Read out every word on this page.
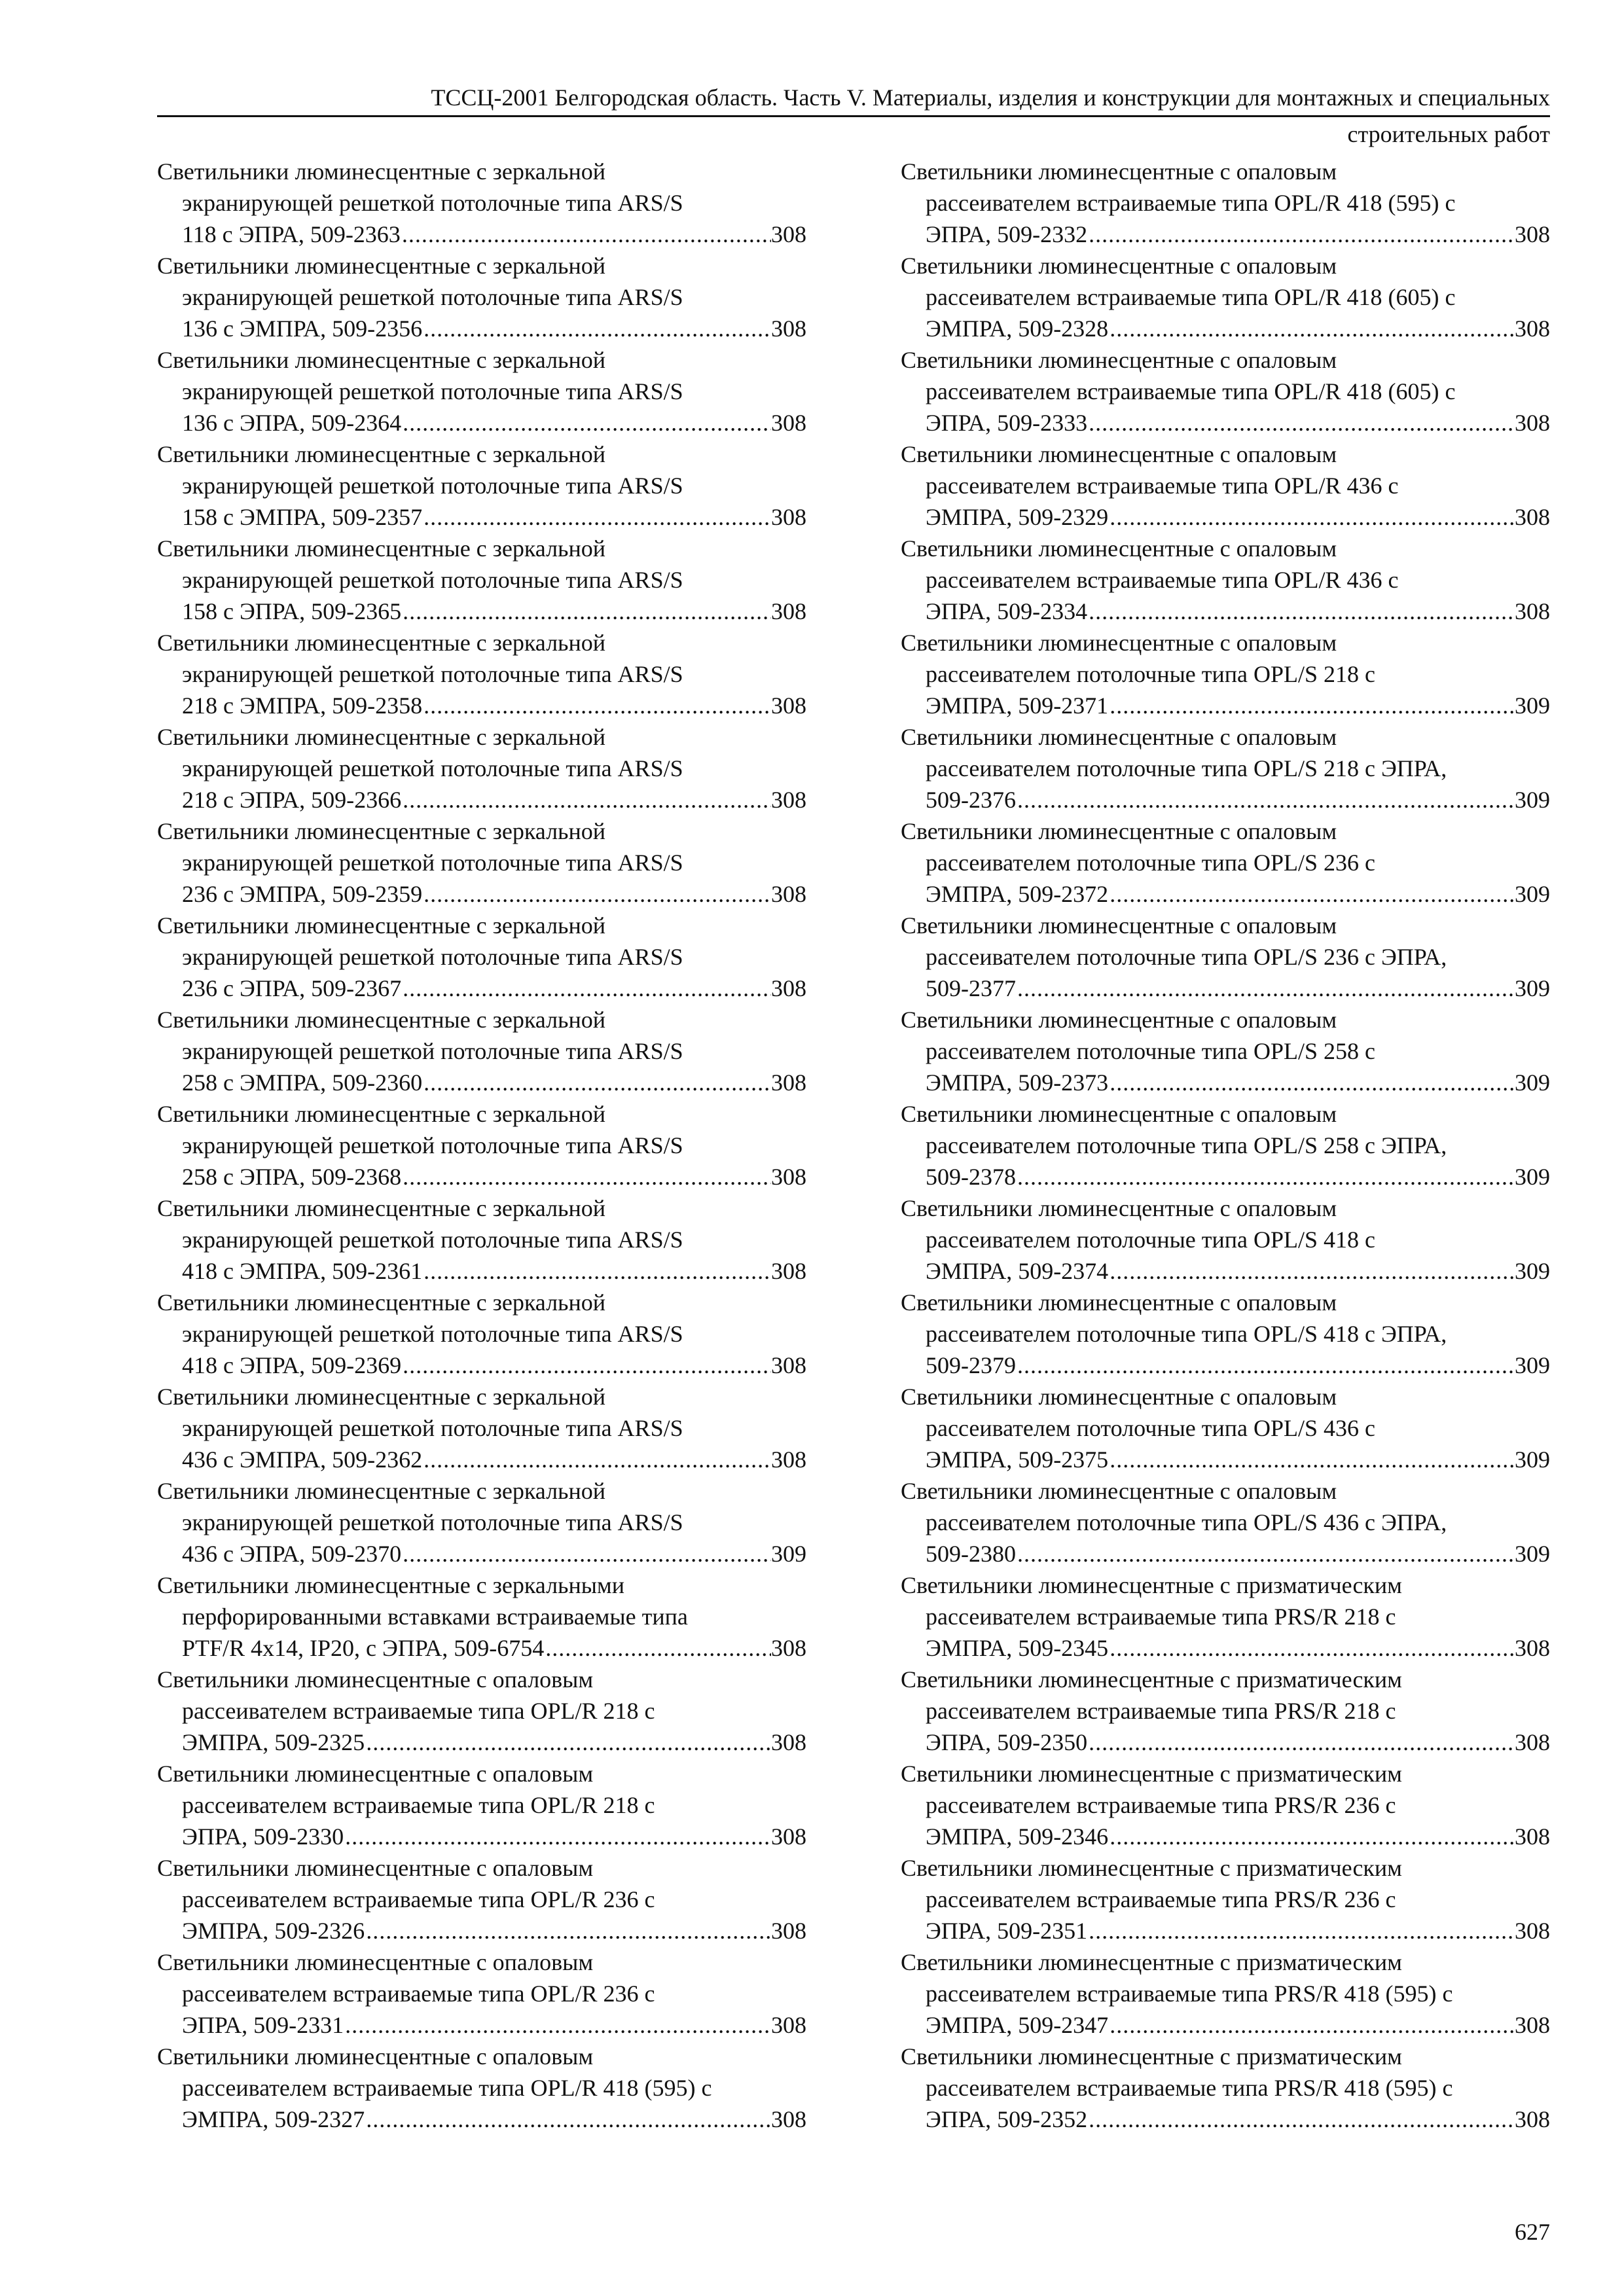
ТССЦ-2001 Белгородская область. Часть V. Материалы, изделия и конструкции для монтажных и специальных
строительных работ
Светильники люминесцентные с зеркальной
экранирующей решеткой потолочные типа ARS/S
118 с ЭПРА, 509-2363 .....	308
Светильники люминесцентные с зеркальной
экранирующей решеткой потолочные типа ARS/S
136 с ЭМПРА, 509-2356 .....	308
Светильники люминесцентные с зеркальной
экранирующей решеткой потолочные типа ARS/S
136 с ЭПРА, 509-2364 .....	308
Светильники люминесцентные с зеркальной
экранирующей решеткой потолочные типа ARS/S
158 с ЭМПРА, 509-2357 .....	308
Светильники люминесцентные с зеркальной
экранирующей решеткой потолочные типа ARS/S
158 с ЭПРА, 509-2365 .....	308
Светильники люминесцентные с зеркальной
экранирующей решеткой потолочные типа ARS/S
218 с ЭМПРА, 509-2358 .....	308
Светильники люминесцентные с зеркальной
экранирующей решеткой потолочные типа ARS/S
218 с ЭПРА, 509-2366 .....	308
Светильники люминесцентные с зеркальной
экранирующей решеткой потолочные типа ARS/S
236 с ЭМПРА, 509-2359 .....	308
Светильники люминесцентные с зеркальной
экранирующей решеткой потолочные типа ARS/S
236 с ЭПРА, 509-2367 .....	308
Светильники люминесцентные с зеркальной
экранирующей решеткой потолочные типа ARS/S
258 с ЭМПРА, 509-2360 .....	308
Светильники люминесцентные с зеркальной
экранирующей решеткой потолочные типа ARS/S
258 с ЭПРА, 509-2368 .....	308
Светильники люминесцентные с зеркальной
экранирующей решеткой потолочные типа ARS/S
418 с ЭМПРА, 509-2361 .....	308
Светильники люминесцентные с зеркальной
экранирующей решеткой потолочные типа ARS/S
418 с ЭПРА, 509-2369 .....	308
Светильники люминесцентные с зеркальной
экранирующей решеткой потолочные типа ARS/S
436 с ЭМПРА, 509-2362 .....	308
Светильники люминесцентные с зеркальной
экранирующей решеткой потолочные типа ARS/S
436 с ЭПРА, 509-2370 .....	309
Светильники люминесцентные с зеркальными
перфорированными вставками встраиваемые типа
PTF/R 4x14, IP20, с ЭПРА, 509-6754 .....	308
Светильники люминесцентные с опаловым
рассеивателем встраиваемые типа OPL/R 218 с
ЭМПРА, 509-2325 .....	308
Светильники люминесцентные с опаловым
рассеивателем встраиваемые типа OPL/R 218 с
ЭПРА, 509-2330 .....	308
Светильники люминесцентные с опаловым
рассеивателем встраиваемые типа OPL/R 236 с
ЭМПРА, 509-2326 .....	308
Светильники люминесцентные с опаловым
рассеивателем встраиваемые типа OPL/R 236 с
ЭПРА, 509-2331 .....	308
Светильники люминесцентные с опаловым
рассеивателем встраиваемые типа OPL/R 418 (595) с
ЭМПРА, 509-2327 .....	308
Светильники люминесцентные с опаловым
рассеивателем встраиваемые типа OPL/R 418 (595) с
ЭПРА, 509-2332 .....	308
Светильники люминесцентные с опаловым
рассеивателем встраиваемые типа OPL/R 418 (605) с
ЭМПРА, 509-2328 .....	308
Светильники люминесцентные с опаловым
рассеивателем встраиваемые типа OPL/R 418 (605) с
ЭПРА, 509-2333 .....	308
Светильники люминесцентные с опаловым
рассеивателем встраиваемые типа OPL/R 436 с
ЭМПРА, 509-2329 .....	308
Светильники люминесцентные с опаловым
рассеивателем встраиваемые типа OPL/R 436 с
ЭПРА, 509-2334 .....	308
Светильники люминесцентные с опаловым
рассеивателем потолочные типа OPL/S 218 с
ЭМПРА, 509-2371 .....	309
Светильники люминесцентные с опаловым
рассеивателем потолочные типа OPL/S 218 с ЭПРА,
509-2376 .....	309
Светильники люминесцентные с опаловым
рассеивателем потолочные типа OPL/S 236 с
ЭМПРА, 509-2372 .....	309
Светильники люминесцентные с опаловым
рассеивателем потолочные типа OPL/S 236 с ЭПРА,
509-2377 .....	309
Светильники люминесцентные с опаловым
рассеивателем потолочные типа OPL/S 258 с
ЭМПРА, 509-2373 .....	309
Светильники люминесцентные с опаловым
рассеивателем потолочные типа OPL/S 258 с ЭПРА,
509-2378 .....	309
Светильники люминесцентные с опаловым
рассеивателем потолочные типа OPL/S 418 с
ЭМПРА, 509-2374 .....	309
Светильники люминесцентные с опаловым
рассеивателем потолочные типа OPL/S 418 с ЭПРА,
509-2379 .....	309
Светильники люминесцентные с опаловым
рассеивателем потолочные типа OPL/S 436 с
ЭМПРА, 509-2375 .....	309
Светильники люминесцентные с опаловым
рассеивателем потолочные типа OPL/S 436 с ЭПРА,
509-2380 .....	309
Светильники люминесцентные с призматическим
рассеивателем встраиваемые типа PRS/R 218 с
ЭМПРА, 509-2345 .....	308
Светильники люминесцентные с призматическим
рассеивателем встраиваемые типа PRS/R 218 с
ЭПРА, 509-2350 .....	308
Светильники люминесцентные с призматическим
рассеивателем встраиваемые типа PRS/R 236 с
ЭМПРА, 509-2346 .....	308
Светильники люминесцентные с призматическим
рассеивателем встраиваемые типа PRS/R 236 с
ЭПРА, 509-2351 .....	308
Светильники люминесцентные с призматическим
рассеивателем встраиваемые типа PRS/R 418 (595) с
ЭМПРА, 509-2347 .....	308
Светильники люминесцентные с призматическим
рассеивателем встраиваемые типа PRS/R 418 (595) с
ЭПРА, 509-2352 .....	308
627
